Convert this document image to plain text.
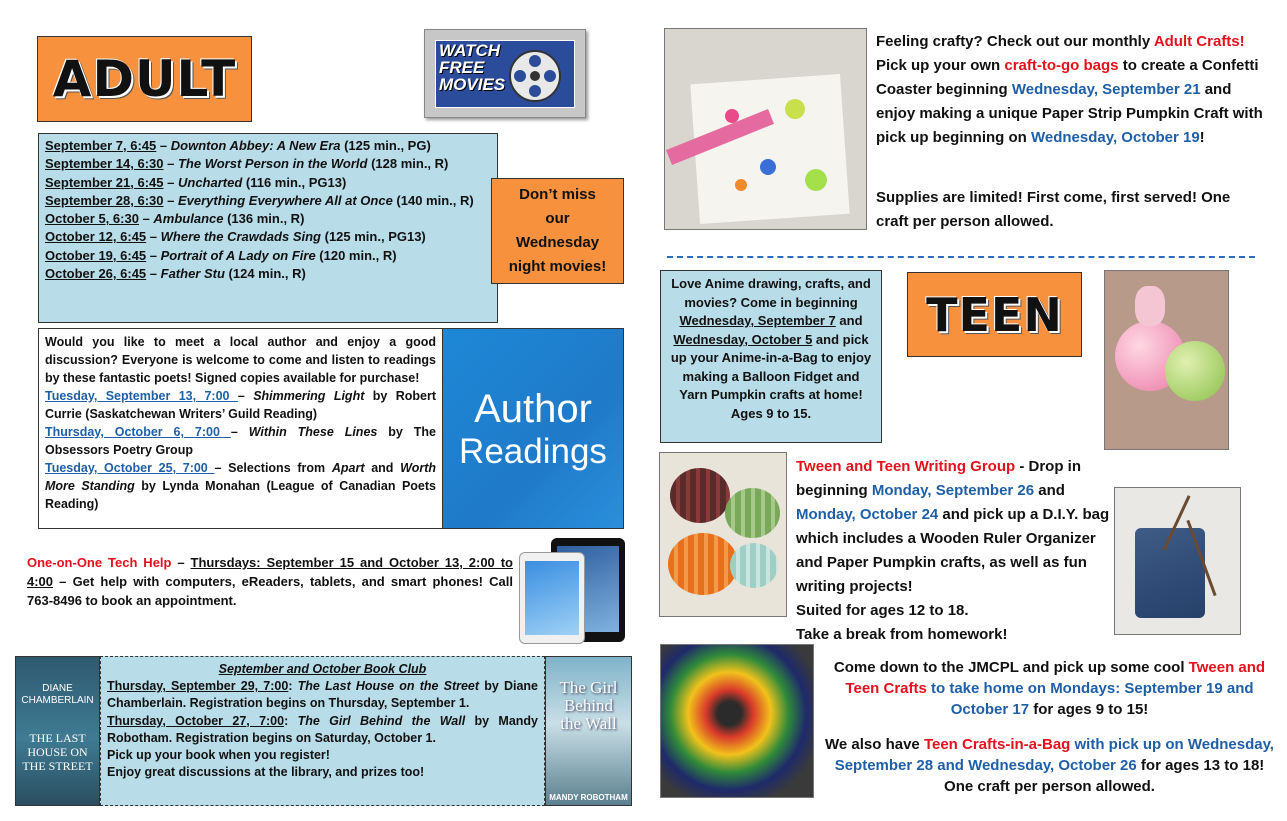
ADULT	WATCH
FREE
MOVIES
September 7, 6:45 – Downton Abbey: A New Era (125 min., PG)
September 14, 6:30 – The Worst Person in the World (128 min., R)
September 21, 6:45 – Uncharted (116 min., PG13)
September 28, 6:30 – Everything Everywhere All at Once (140 min., R)
October 5, 6:30 – Ambulance (136 min., R)
October 12, 6:45 – Where the Crawdads Sing (125 min., PG13)
October 19, 6:45 – Portrait of A Lady on Fire (120 min., R)
October 26, 6:45 – Father Stu (124 min., R)
Don’t miss
our
Wednesday
night movies!
Would you like to meet a local author and enjoy a good discussion? Everyone is welcome to come and listen to readings by these fantastic poets! Signed copies available for purchase!
Tuesday, September 13, 7:00 – Shimmering Light by Robert Currie (Saskatchewan Writers’ Guild Reading)
Thursday, October 6, 7:00 – Within These Lines by The Obsessors Poetry Group
Tuesday, October 25, 7:00 – Selections from Apart and Worth More Standing by Lynda Monahan (League of Canadian Poets Reading)
Author
Readings
One-on-One Tech Help – Thursdays: September 15 and October 13, 2:00 to 4:00 – Get help with computers, eReaders, tablets, and smart phones! Call 763-8496 to book an appointment.
DIANE CHAMBERLAIN
THE LAST HOUSE ON THE STREET
September and October Book Club
Thursday, September 29, 7:00: The Last House on the Street by Diane Chamberlain. Registration begins on Thursday, September 1.
Thursday, October 27, 7:00: The Girl Behind the Wall by Mandy Robotham. Registration begins on Saturday, October 1.
Pick up your book when you register!
Enjoy great discussions at the library, and prizes too!
The Girl Behind the Wall
MANDY ROBOTHAM
Feeling crafty? Check out our monthly Adult Crafts! Pick up your own craft-to-go bags to create a Confetti Coaster beginning Wednesday, September 21 and enjoy making a unique Paper Strip Pumpkin Craft with pick up beginning on Wednesday, October 19!
Supplies are limited! First come, first served! One craft per person allowed.
Love Anime drawing, crafts, and movies? Come in beginning Wednesday, September 7 and Wednesday, October 5 and pick up your Anime-in-a-Bag to enjoy making a Balloon Fidget and Yarn Pumpkin crafts at home! Ages 9 to 15.
TEEN
Tween and Teen Writing Group - Drop in beginning Monday, September 26 and Monday, October 24 and pick up a D.I.Y. bag which includes a Wooden Ruler Organizer and Paper Pumpkin crafts, as well as fun writing projects!
Suited for ages 12 to 18.
Take a break from homework!
Come down to the JMCPL and pick up some cool Tween and Teen Crafts to take home on Mondays: September 19 and October 17 for ages 9 to 15!
We also have Teen Crafts-in-a-Bag with pick up on Wednesday, September 28 and Wednesday, October 26 for ages 13 to 18! One craft per person allowed.
